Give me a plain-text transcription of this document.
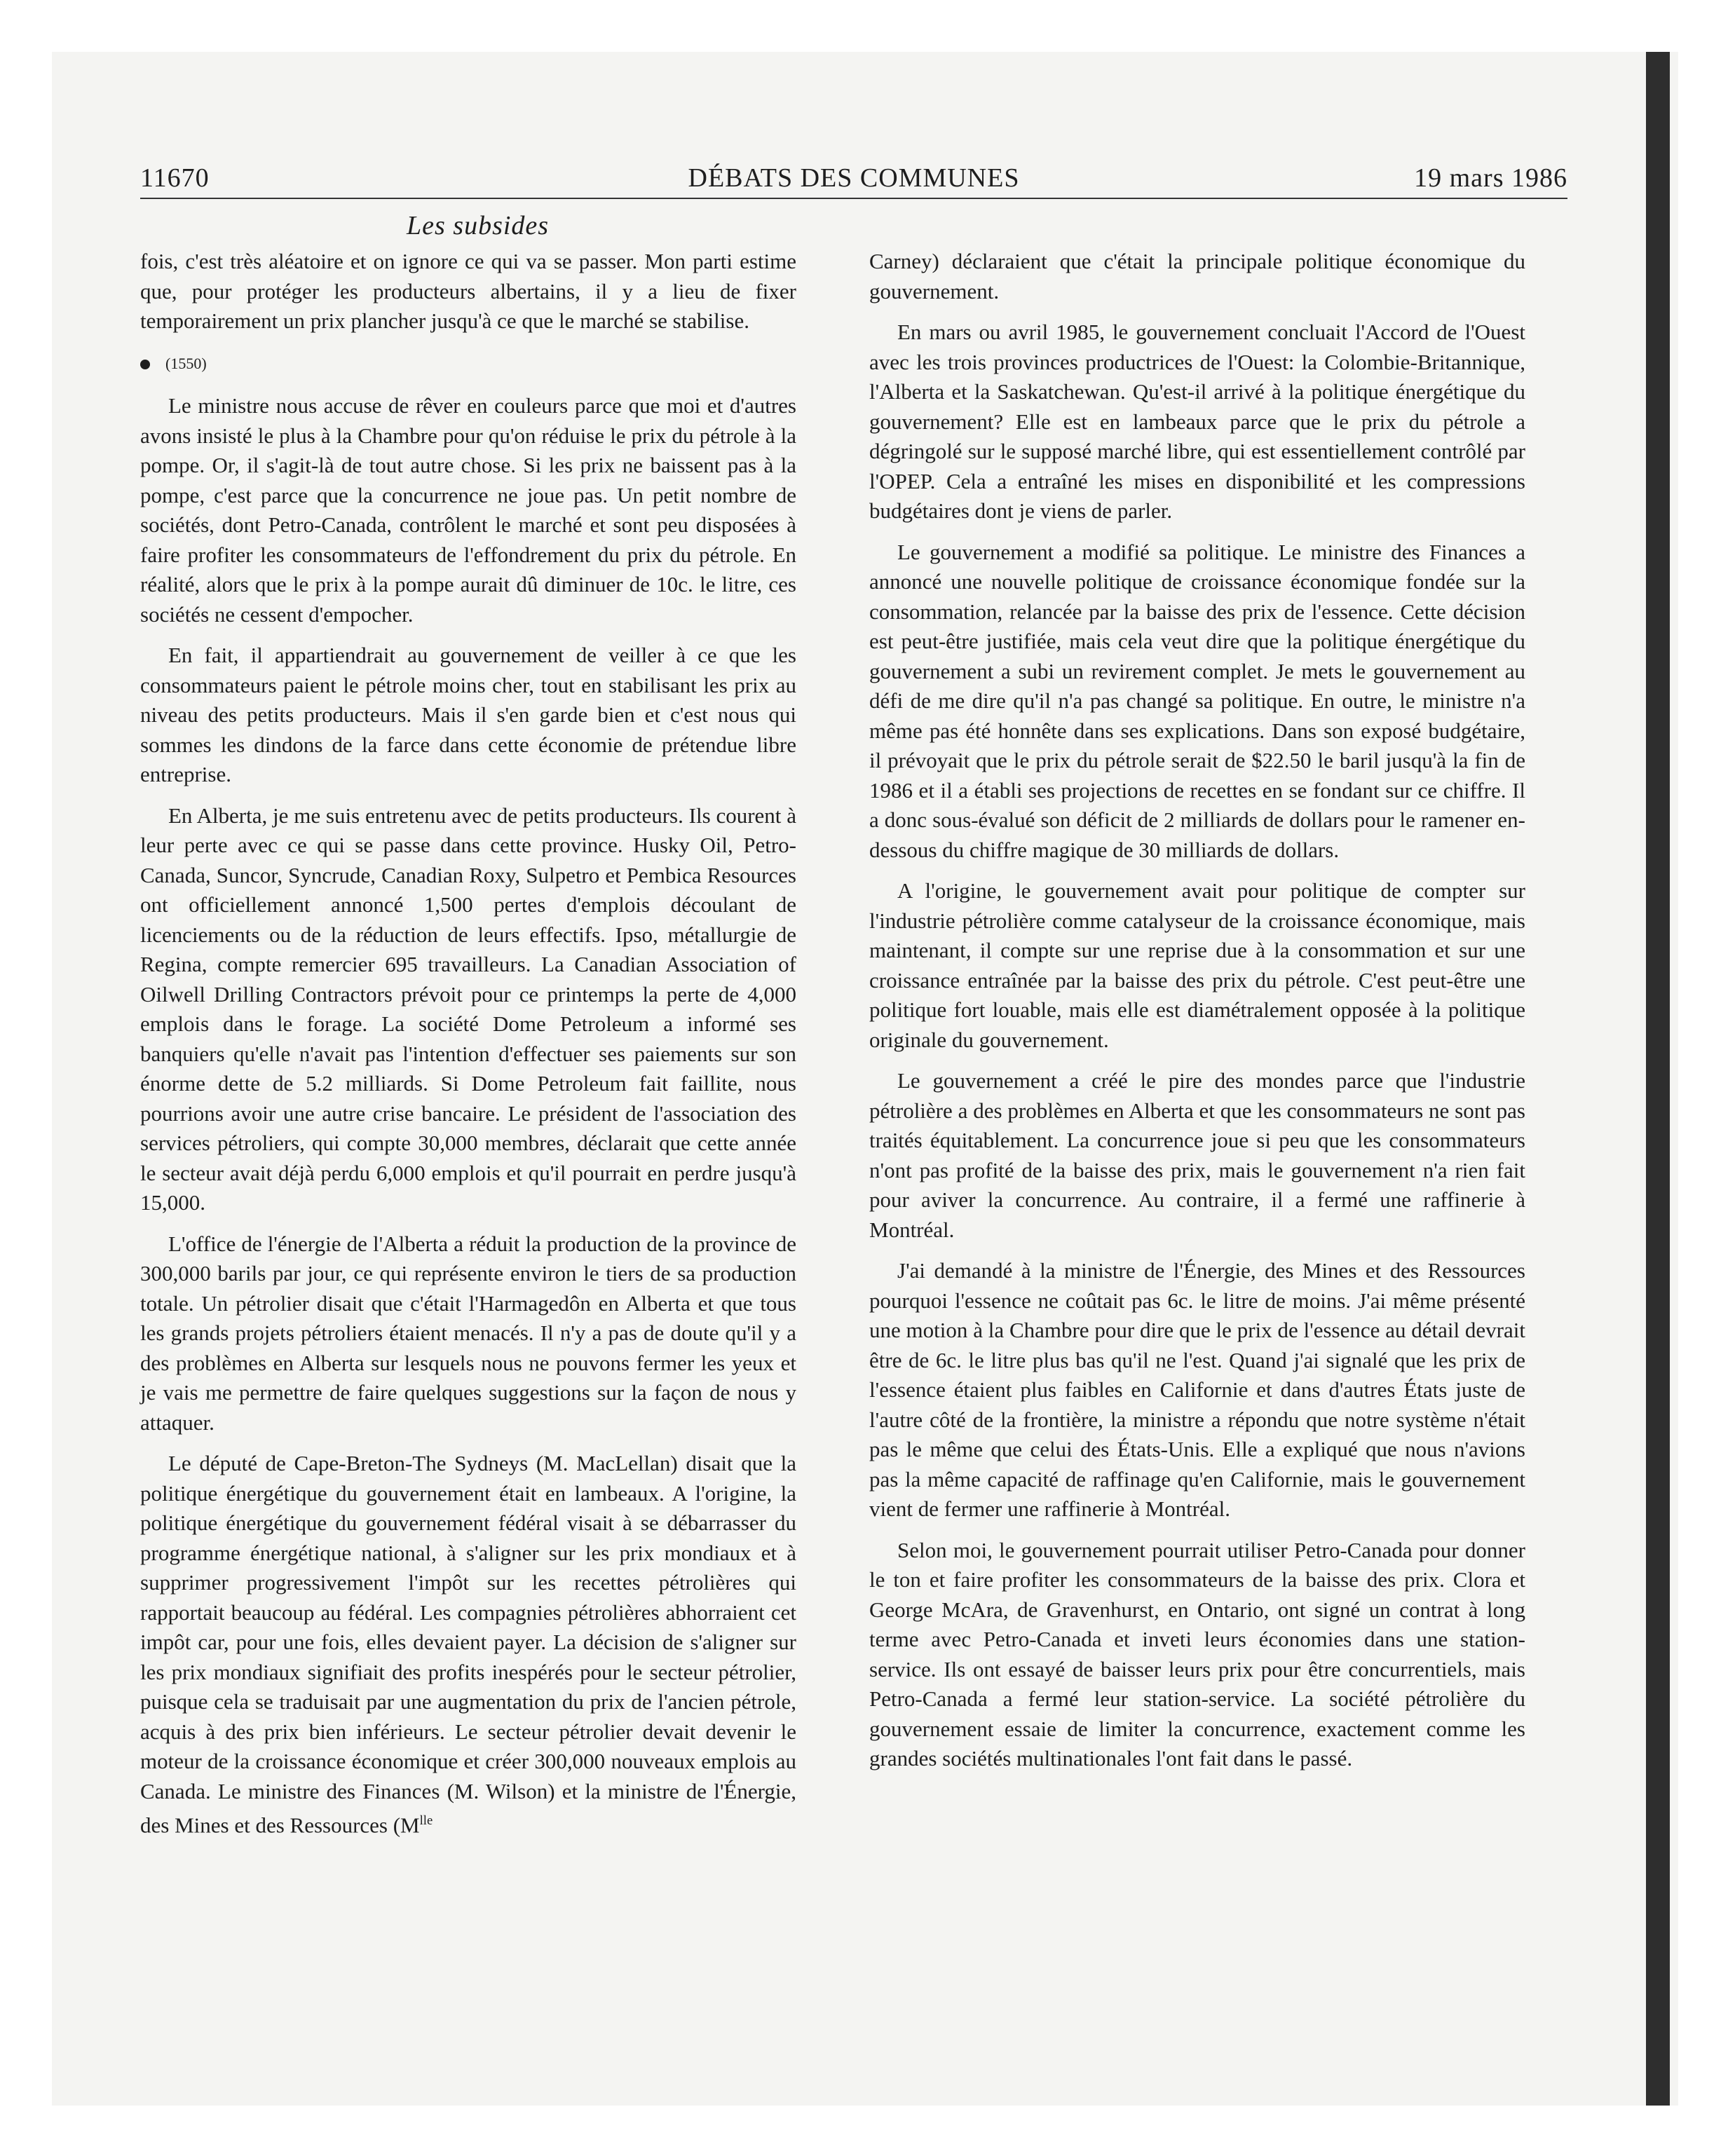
11670	DÉBATS DES COMMUNES	19 mars 1986
Les subsides

fois, c'est très aléatoire et on ignore ce qui va se passer. Mon parti estime que, pour protéger les producteurs albertains, il y a lieu de fixer temporairement un prix plancher jusqu'à ce que le marché se stabilise.

(1550)

Le ministre nous accuse de rêver en couleurs parce que moi et d'autres avons insisté le plus à la Chambre pour qu'on réduise le prix du pétrole à la pompe. Or, il s'agit-là de tout autre chose. Si les prix ne baissent pas à la pompe, c'est parce que la concurrence ne joue pas. Un petit nombre de sociétés, dont Petro-Canada, contrôlent le marché et sont peu disposées à faire profiter les consommateurs de l'effondrement du prix du pétrole. En réalité, alors que le prix à la pompe aurait dû diminuer de 10c. le litre, ces sociétés ne cessent d'empocher.

En fait, il appartiendrait au gouvernement de veiller à ce que les consommateurs paient le pétrole moins cher, tout en stabilisant les prix au niveau des petits producteurs. Mais il s'en garde bien et c'est nous qui sommes les dindons de la farce dans cette économie de prétendue libre entreprise.

En Alberta, je me suis entretenu avec de petits producteurs. Ils courent à leur perte avec ce qui se passe dans cette province. Husky Oil, Petro-Canada, Suncor, Syncrude, Canadian Roxy, Sulpetro et Pembica Resources ont officiellement annoncé 1,500 pertes d'emplois découlant de licenciements ou de la réduction de leurs effectifs. Ipso, métallurgie de Regina, compte remercier 695 travailleurs. La Canadian Association of Oilwell Drilling Contractors prévoit pour ce printemps la perte de 4,000 emplois dans le forage. La société Dome Petroleum a informé ses banquiers qu'elle n'avait pas l'intention d'effectuer ses paiements sur son énorme dette de 5.2 milliards. Si Dome Petroleum fait faillite, nous pourrions avoir une autre crise bancaire. Le président de l'association des services pétroliers, qui compte 30,000 membres, déclarait que cette année le secteur avait déjà perdu 6,000 emplois et qu'il pourrait en perdre jusqu'à 15,000.

L'office de l'énergie de l'Alberta a réduit la production de la province de 300,000 barils par jour, ce qui représente environ le tiers de sa production totale. Un pétrolier disait que c'était l'Harmagedôn en Alberta et que tous les grands projets pétroliers étaient menacés. Il n'y a pas de doute qu'il y a des problèmes en Alberta sur lesquels nous ne pouvons fermer les yeux et je vais me permettre de faire quelques suggestions sur la façon de nous y attaquer.

Le député de Cape-Breton-The Sydneys (M. MacLellan) disait que la politique énergétique du gouvernement était en lambeaux. A l'origine, la politique énergétique du gouvernement fédéral visait à se débarrasser du programme énergétique national, à s'aligner sur les prix mondiaux et à supprimer progressivement l'impôt sur les recettes pétrolières qui rapportait beaucoup au fédéral. Les compagnies pétrolières abhorraient cet impôt car, pour une fois, elles devaient payer. La décision de s'aligner sur les prix mondiaux signifiait des profits inespérés pour le secteur pétrolier, puisque cela se traduisait par une augmentation du prix de l'ancien pétrole, acquis à des prix bien inférieurs. Le secteur pétrolier devait devenir le moteur de la croissance économique et créer 300,000 nouveaux emplois au Canada. Le ministre des Finances (M. Wilson) et la ministre de l'Énergie, des Mines et des Ressources ($M^{lle}$

Carney) déclaraient que c'était la principale politique économique du gouvernement.

En mars ou avril 1985, le gouvernement concluait l'Accord de l'Ouest avec les trois provinces productrices de l'Ouest: la Colombie-Britannique, l'Alberta et la Saskatchewan. Qu'est-il arrivé à la politique énergétique du gouvernement? Elle est en lambeaux parce que le prix du pétrole a dégringolé sur le supposé marché libre, qui est essentiellement contrôlé par l'OPEP. Cela a entraîné les mises en disponibilité et les compressions budgétaires dont je viens de parler.

Le gouvernement a modifié sa politique. Le ministre des Finances a annoncé une nouvelle politique de croissance économique fondée sur la consommation, relancée par la baisse des prix de l'essence. Cette décision est peut-être justifiée, mais cela veut dire que la politique énergétique du gouvernement a subi un revirement complet. Je mets le gouvernement au défi de me dire qu'il n'a pas changé sa politique. En outre, le ministre n'a même pas été honnête dans ses explications. Dans son exposé budgétaire, il prévoyait que le prix du pétrole serait de $22.50 le baril jusqu'à la fin de 1986 et il a établi ses projections de recettes en se fondant sur ce chiffre. Il a donc sous-évalué son déficit de 2 milliards de dollars pour le ramener en-dessous du chiffre magique de 30 milliards de dollars.

A l'origine, le gouvernement avait pour politique de compter sur l'industrie pétrolière comme catalyseur de la croissance économique, mais maintenant, il compte sur une reprise due à la consommation et sur une croissance entraînée par la baisse des prix du pétrole. C'est peut-être une politique fort louable, mais elle est diamétralement opposée à la politique originale du gouvernement.

Le gouvernement a créé le pire des mondes parce que l'industrie pétrolière a des problèmes en Alberta et que les consommateurs ne sont pas traités équitablement. La concurrence joue si peu que les consommateurs n'ont pas profité de la baisse des prix, mais le gouvernement n'a rien fait pour aviver la concurrence. Au contraire, il a fermé une raffinerie à Montréal.

J'ai demandé à la ministre de l'Énergie, des Mines et des Ressources pourquoi l'essence ne coûtait pas 6c. le litre de moins. J'ai même présenté une motion à la Chambre pour dire que le prix de l'essence au détail devrait être de 6c. le litre plus bas qu'il ne l'est. Quand j'ai signalé que les prix de l'essence étaient plus faibles en Californie et dans d'autres États juste de l'autre côté de la frontière, la ministre a répondu que notre système n'était pas le même que celui des États-Unis. Elle a expliqué que nous n'avions pas la même capacité de raffinage qu'en Californie, mais le gouvernement vient de fermer une raffinerie à Montréal.

Selon moi, le gouvernement pourrait utiliser Petro-Canada pour donner le ton et faire profiter les consommateurs de la baisse des prix. Clora et George McAra, de Gravenhurst, en Ontario, ont signé un contrat à long terme avec Petro-Canada et inveti leurs économies dans une station-service. Ils ont essayé de baisser leurs prix pour être concurrentiels, mais Petro-Canada a fermé leur station-service. La société pétrolière du gouvernement essaie de limiter la concurrence, exactement comme les grandes sociétés multinationales l'ont fait dans le passé.
